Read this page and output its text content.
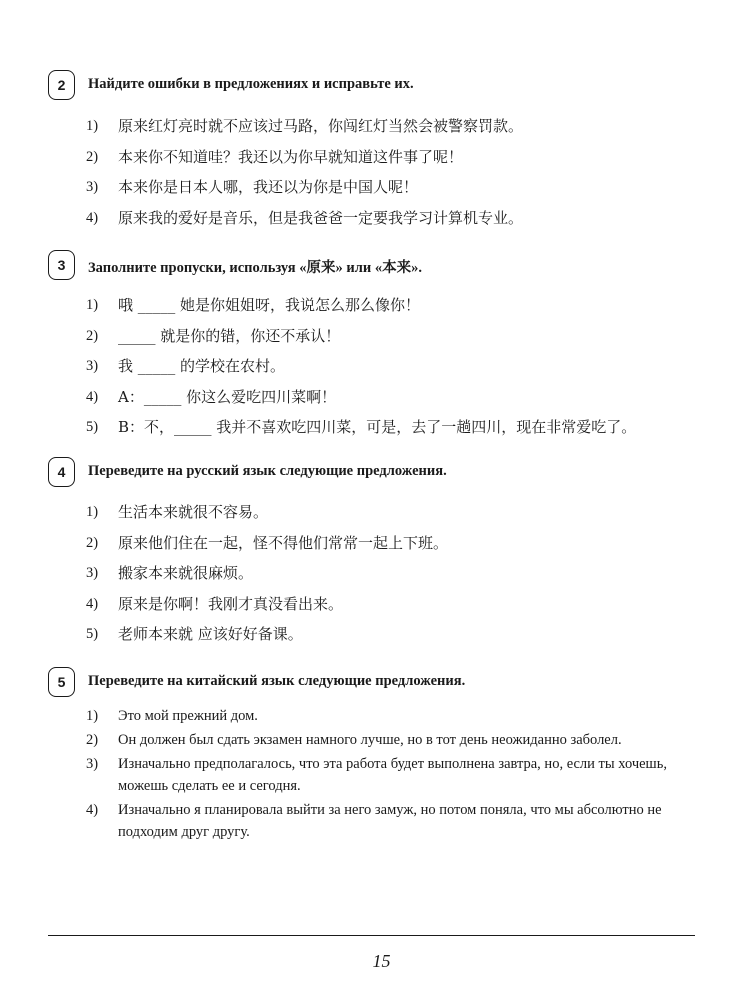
2	Найдите ошибки в предложениях и исправьте их.
1) 原来红灯亮时就不应该过马路，你闯红灯当然会被警察罚款。
2) 本来你不知道哇？我还以为你早就知道这件事了呢！
3) 本来你是日本人哪，我还以为你是中国人呢！
4) 原来我的爱好是音乐，但是我爸爸一定要我学习计算机专业。
3	Заполните пропуски, используя «原来» или «本来».
1) 哦 _____ 她是你姐姐呀，我说怎么那么像你！
2) _____ 就是你的错，你还不承认！
3) 我 _____ 的学校在农村。
4) A：_____ 你这么爱吃四川菜啊！
5) B：不，_____ 我并不喜欢吃四川菜，可是，去了一趟四川，现在非常爱吃了。
4	Переведите на русский язык следующие предложения.
1) 生活本来就很不容易。
2) 原来他们住在一起，怪不得他们常常一起上下班。
3) 搬家本来就很麻烦。
4) 原来是你啊！我刚才真没看出来。
5) 老师本来就 应该好好备课。
5	Переведите на китайский язык следующие предложения.
1) Это мой прежний дом.
2) Он должен был сдать экзамен намного лучше, но в тот день неожиданно заболел.
3) Изначально предполагалось, что эта работа будет выполнена завтра, но, если ты хочешь, можешь сделать ее и сегодня.
4) Изначально я планировала выйти за него замуж, но потом поняла, что мы абсолютно не подходим друг другу.
15
